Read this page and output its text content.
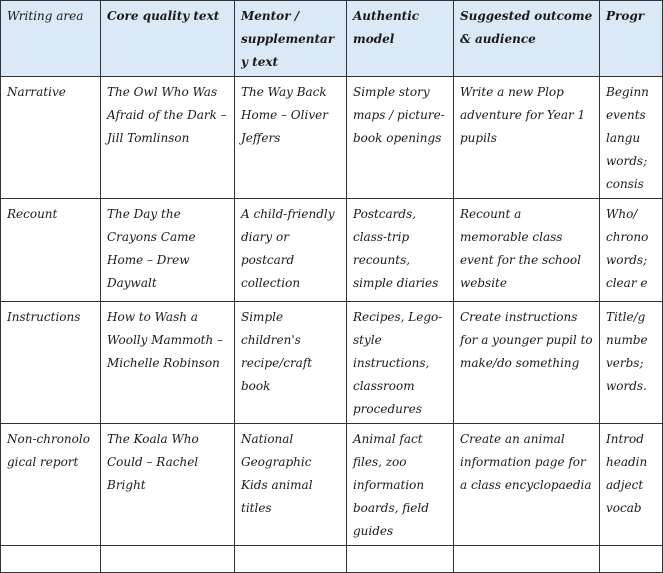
Writing area	Core quality text	Mentor / supplementary text	Authentic model	Suggested outcome & audience	Progr
Narrative	The Owl Who Was Afraid of the Dark – Jill Tomlinson	The Way Back Home – Oliver Jeffers	Simple story maps / picture-book openings	Write a new Plop adventure for Year 1 pupils	Beginn events langu words; consis
Recount	The Day the Crayons Came Home – Drew Daywalt	A child-friendly diary or postcard collection	Postcards, class-trip recounts, simple diaries	Recount a memorable class event for the school website	Who/ chrono words; clear e
Instructions	How to Wash a Woolly Mammoth – Michelle Robinson	Simple children's recipe/craft book	Recipes, Lego-style instructions, classroom procedures	Create instructions for a younger pupil to make/do something	Title/g numbe verbs; words.
Non-chronological report	The Koala Who Could – Rachel Bright	National Geographic Kids animal titles	Animal fact files, zoo information boards, field guides	Create an animal information page for a class encyclopaedia	Introd headin adject vocab
